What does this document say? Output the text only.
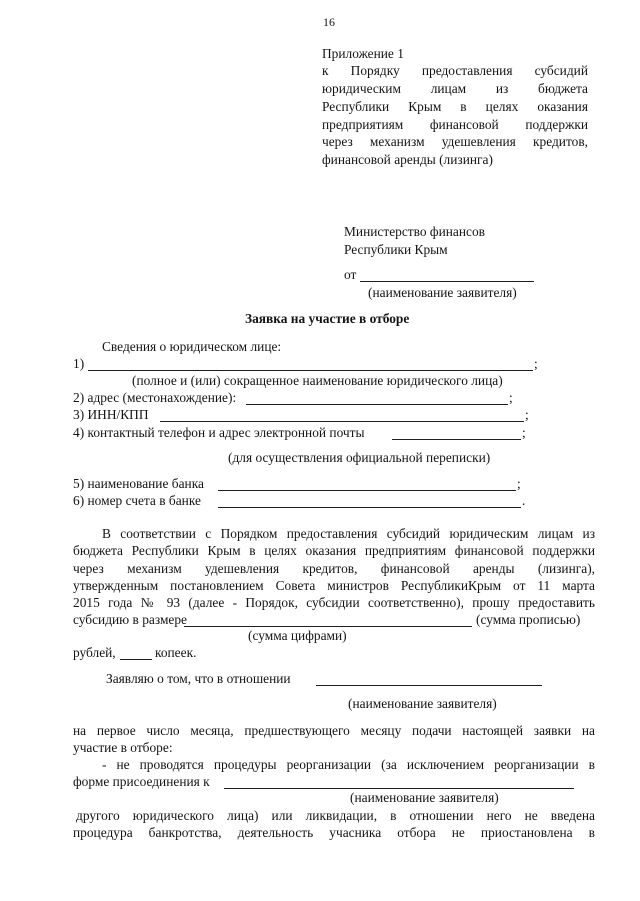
16
Приложение 1
к Порядку предоставления субсидий
юридическим лицам из бюджета
Республики Крым в целях оказания
предприятиям финансовой поддержки
через механизм удешевления кредитов,
финансовой аренды (лизинга)
Министерство финансов
Республики Крым
от
(наименование заявителя)
Заявка на участие в отборе
Сведения о юридическом лице:
1)	;
(полное и (или) сокращенное наименование юридического лица)
2) адрес (местонахождение):	;
3) ИНН/КПП	;
4) контактный телефон и адрес электронной почты	;
(для осуществления официальной переписки)
5) наименование банка	;
6) номер счета в банке	.
В соответствии с Порядком предоставления субсидий юридическим лицам из
бюджета Республики Крым в целях оказания предприятиям финансовой поддержки
через механизм удешевления кредитов, финансовой аренды (лизинга),
утвержденным постановлением Совета министров РеспубликиКрым от 11 марта
2015 года № 93 (далее - Порядок, субсидии соответственно), прошу предоставить
субсидию в размере	(сумма прописью)
(сумма цифрами)
рублей,	копеек.
Заявляю о том, что в отношении
(наименование заявителя)
на первое число месяца, предшествующего месяцу подачи настоящей заявки на
участие в отборе:
- не проводятся процедуры реорганизации (за исключением реорганизации в
форме присоединения к
(наименование заявителя)
другого юридического лица) или ликвидации, в отношении него не введена
процедура банкротства, деятельность учасника отбора не приостановлена в
